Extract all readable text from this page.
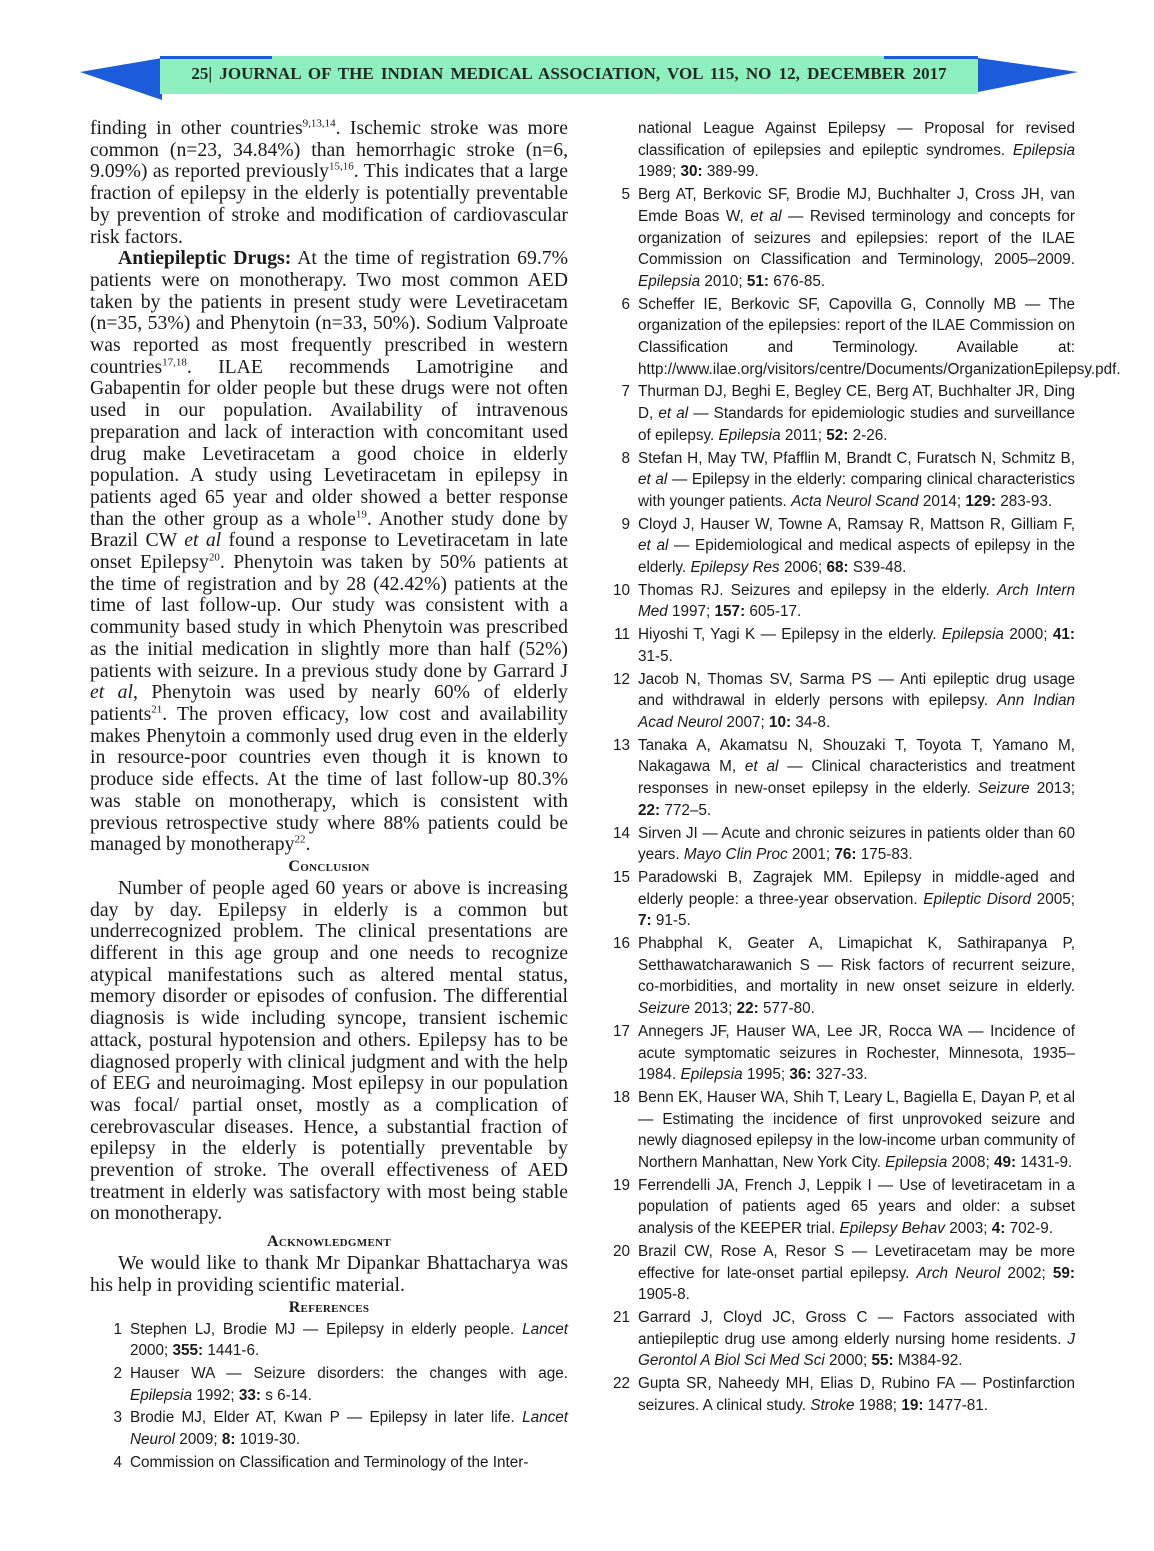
25| JOURNAL OF THE INDIAN MEDICAL ASSOCIATION, VOL 115, NO 12, DECEMBER 2017

finding in other countries$^{9,13,14}$. Ischemic stroke was more common (n=23, 34.84%) than hemorrhagic stroke (n=6, 9.09%) as reported previously$^{15,16}$. This indicates that a large fraction of epilepsy in the elderly is potentially preventable by prevention of stroke and modification of cardiovascular risk factors.

Antiepileptic Drugs: At the time of registration 69.7% patients were on monotherapy. Two most common AED taken by the patients in present study were Levetiracetam (n=35, 53%) and Phenytoin (n=33, 50%). Sodium Valproate was reported as most frequently prescribed in western countries$^{17,18}$. ILAE recommends Lamotrigine and Gabapentin for older people but these drugs were not often used in our population. Availability of intravenous preparation and lack of interaction with concomitant used drug make Levetiracetam a good choice in elderly population. A study using Levetiracetam in epilepsy in patients aged 65 year and older showed a better response than the other group as a whole$^{19}$. Another study done by Brazil CW et al found a response to Levetiracetam in late onset Epilepsy$^{20}$. Phenytoin was taken by 50% patients at the time of registration and by 28 (42.42%) patients at the time of last follow-up. Our study was consistent with a community based study in which Phenytoin was prescribed as the initial medication in slightly more than half (52%) patients with seizure. In a previous study done by Garrard J et al, Phenytoin was used by nearly 60% of elderly patients$^{21}$. The proven efficacy, low cost and availability makes Phenytoin a commonly used drug even in the elderly in resource-poor countries even though it is known to produce side effects. At the time of last follow-up 80.3% was stable on monotherapy, which is consistent with previous retrospective study where 88% patients could be managed by monotherapy$^{22}$.

Conclusion

Number of people aged 60 years or above is increasing day by day. Epilepsy in elderly is a common but underrecognized problem. The clinical presentations are different in this age group and one needs to recognize atypical manifestations such as altered mental status, memory disorder or episodes of confusion. The differential diagnosis is wide including syncope, transient ischemic attack, postural hypotension and others. Epilepsy has to be diagnosed properly with clinical judgment and with the help of EEG and neuroimaging. Most epilepsy in our population was focal/ partial onset, mostly as a complication of cerebrovascular diseases. Hence, a substantial fraction of epilepsy in the elderly is potentially preventable by prevention of stroke. The overall effectiveness of AED treatment in elderly was satisfactory with most being stable on monotherapy.

Acknowledgment

We would like to thank Mr Dipankar Bhattacharya was his help in providing scientific material.

References
1 Stephen LJ, Brodie MJ — Epilepsy in elderly people. Lancet 2000; 355: 1441-6.
2 Hauser WA — Seizure disorders: the changes with age. Epilepsia 1992; 33: s 6-14.
3 Brodie MJ, Elder AT, Kwan P — Epilepsy in later life. Lancet Neurol 2009; 8: 1019-30.
4 Commission on Classification and Terminology of the Inter-
national League Against Epilepsy — Proposal for revised classification of epilepsies and epileptic syndromes. Epilepsia 1989; 30: 389-99.
5 Berg AT, Berkovic SF, Brodie MJ, Buchhalter J, Cross JH, van Emde Boas W, et al — Revised terminology and concepts for organization of seizures and epilepsies: report of the ILAE Commission on Classification and Terminology, 2005–2009. Epilepsia 2010; 51: 676-85.
6 Scheffer IE, Berkovic SF, Capovilla G, Connolly MB — The organization of the epilepsies: report of the ILAE Commission on Classification and Terminology. Available at: http://www.ilae.org/visitors/centre/Documents/OrganizationEpilepsy.pdf.
7 Thurman DJ, Beghi E, Begley CE, Berg AT, Buchhalter JR, Ding D, et al — Standards for epidemiologic studies and surveillance of epilepsy. Epilepsia 2011; 52: 2-26.
8 Stefan H, May TW, Pfafflin M, Brandt C, Furatsch N, Schmitz B, et al — Epilepsy in the elderly: comparing clinical characteristics with younger patients. Acta Neurol Scand 2014; 129: 283-93.
9 Cloyd J, Hauser W, Towne A, Ramsay R, Mattson R, Gilliam F, et al — Epidemiological and medical aspects of epilepsy in the elderly. Epilepsy Res 2006; 68: S39-48.
10 Thomas RJ. Seizures and epilepsy in the elderly. Arch Intern Med 1997; 157: 605-17.
11 Hiyoshi T, Yagi K — Epilepsy in the elderly. Epilepsia 2000; 41: 31-5.
12 Jacob N, Thomas SV, Sarma PS — Anti epileptic drug usage and withdrawal in elderly persons with epilepsy. Ann Indian Acad Neurol 2007; 10: 34-8.
13 Tanaka A, Akamatsu N, Shouzaki T, Toyota T, Yamano M, Nakagawa M, et al — Clinical characteristics and treatment responses in new-onset epilepsy in the elderly. Seizure 2013; 22: 772–5.
14 Sirven JI — Acute and chronic seizures in patients older than 60 years. Mayo Clin Proc 2001; 76: 175-83.
15 Paradowski B, Zagrajek MM. Epilepsy in middle-aged and elderly people: a three-year observation. Epileptic Disord 2005; 7: 91-5.
16 Phabphal K, Geater A, Limapichat K, Sathirapanya P, Setthawatcharawanich S — Risk factors of recurrent seizure, co-morbidities, and mortality in new onset seizure in elderly. Seizure 2013; 22: 577-80.
17 Annegers JF, Hauser WA, Lee JR, Rocca WA — Incidence of acute symptomatic seizures in Rochester, Minnesota, 1935–1984. Epilepsia 1995; 36: 327-33.
18 Benn EK, Hauser WA, Shih T, Leary L, Bagiella E, Dayan P, et al — Estimating the incidence of first unprovoked seizure and newly diagnosed epilepsy in the low-income urban community of Northern Manhattan, New York City. Epilepsia 2008; 49: 1431-9.
19 Ferrendelli JA, French J, Leppik I — Use of levetiracetam in a population of patients aged 65 years and older: a subset analysis of the KEEPER trial. Epilepsy Behav 2003; 4: 702-9.
20 Brazil CW, Rose A, Resor S — Levetiracetam may be more effective for late-onset partial epilepsy. Arch Neurol 2002; 59: 1905-8.
21 Garrard J, Cloyd JC, Gross C — Factors associated with antiepileptic drug use among elderly nursing home residents. J Gerontol A Biol Sci Med Sci 2000; 55: M384-92.
22 Gupta SR, Naheedy MH, Elias D, Rubino FA — Postinfarction seizures. A clinical study. Stroke 1988; 19: 1477-81.
